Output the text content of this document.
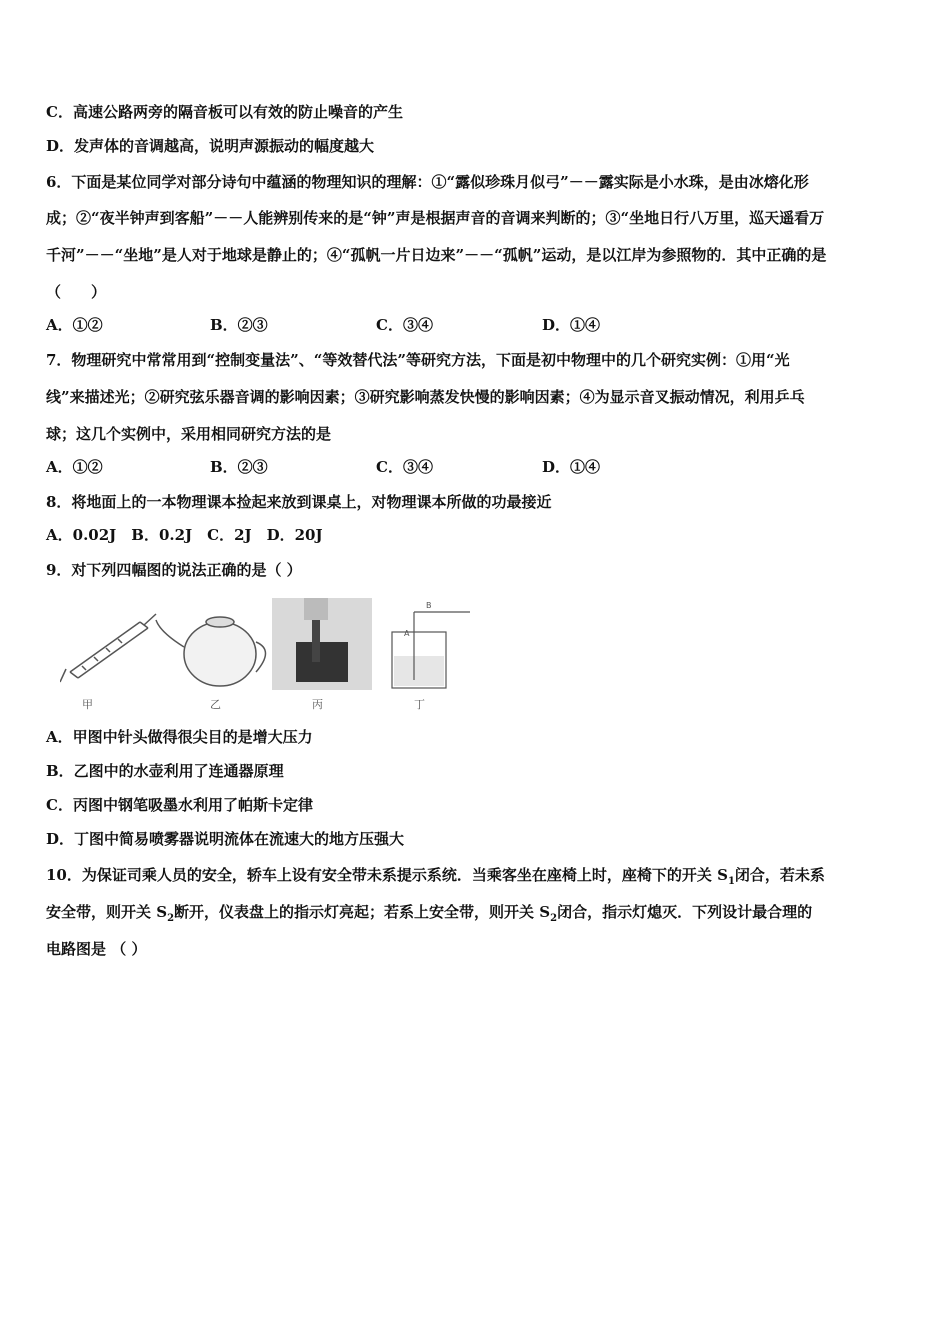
C．高速公路两旁的隔音板可以有效的防止噪音的产生
D．发声体的音调越高，说明声源振动的幅度越大
6．下面是某位同学对部分诗句中蕴涵的物理知识的理解：①“露似珍珠月似弓”－－露实际是小水珠，是由冰熔化形
成；②“夜半钟声到客船”－－人能辨别传来的是“钟”声是根据声音的音调来判断的；③“坐地日行八万里，巡天遥看万
千河”－－“坐地”是人对于地球是静止的；④“孤帆一片日边来”－－“孤帆”运动，是以江岸为参照物的．其中正确的是
（　　）
A．①②	B．②③	C．③④	D．①④
7．物理研究中常常用到“控制变量法”、“等效替代法”等研究方法，下面是初中物理中的几个研究实例：①用“光
线”来描述光；②研究弦乐器音调的影响因素；③研究影响蒸发快慢的影响因素；④为显示音叉振动情况，利用乒乓
球；这几个实例中，采用相同研究方法的是
A．①②	B．②③	C．③④	D．①④
8．将地面上的一本物理课本捡起来放到课桌上，对物理课本所做的功最接近
A．0.02J　B．0.2J　C．2J　D．20J
9．对下列四幅图的说法正确的是（ ）
B
A
甲	乙	丙	丁
A．甲图中针头做得很尖目的是增大压力
B．乙图中的水壶利用了连通器原理
C．丙图中钢笔吸墨水利用了帕斯卡定律
D．丁图中简易喷雾器说明流体在流速大的地方压强大
10．为保证司乘人员的安全，轿车上设有安全带未系提示系统．当乘客坐在座椅上时，座椅下的开关 $S_1$闭合，若未系
安全带，则开关 $S_2$断开，仪表盘上的指示灯亮起；若系上安全带，则开关 $S_2$闭合，指示灯熄灭．下列设计最合理的
电路图是 （ ）
